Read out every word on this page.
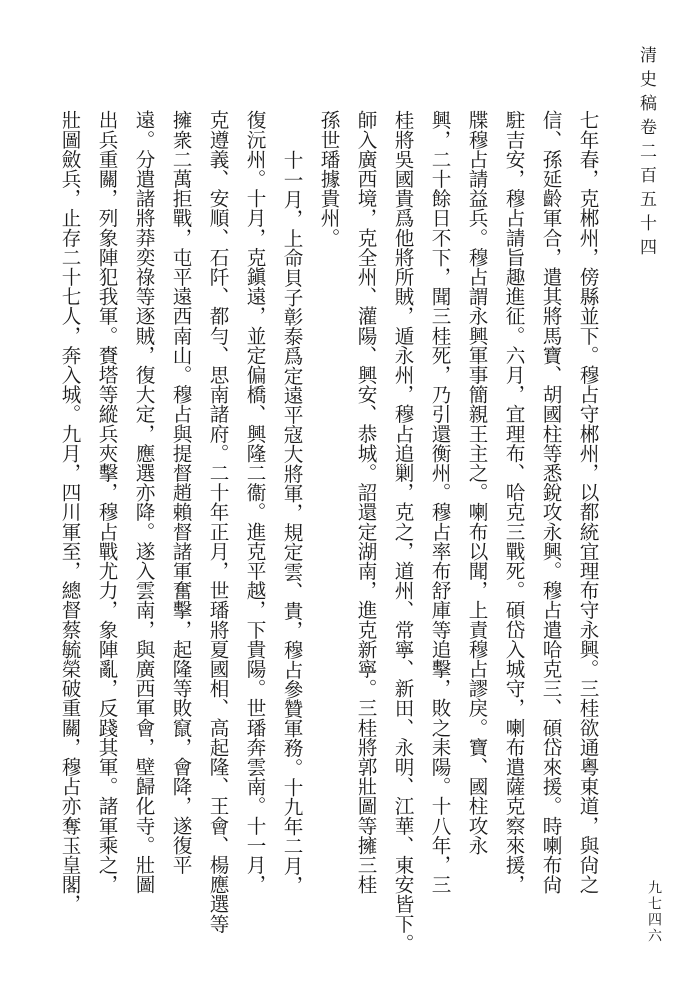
清史稿卷二百五十四
九七四六

七年春，克郴州，傍縣並下。穆占守郴州，以都統宜理布守永興。三桂欲通粵東道，與尙之

信、孫延齡軍合，遣其將馬寶、胡國柱等悉銳攻永興。穆占遣哈克三、碩岱來援。時喇布尙

駐吉安，穆占請旨趣進征。六月，宜理布、哈克三戰死。碩岱入城守，喇布遣薩克察來援，

牒穆占請益兵。穆占謂永興軍事簡親王主之。喇布以聞，上責穆占謬戾。寶、國柱攻永

興，二十餘日不下，聞三桂死，乃引還衡州。穆占率布舒庫等追擊，敗之耒陽。十八年，三

桂將吳國貴爲他將所賊，遁永州，穆占追剿，克之，道州、常寧、新田、永明、江華、東安皆下。

師入廣西境，克全州、灌陽、興安、恭城。詔還定湖南，進克新寧。三桂將郭壯圖等擁三桂

孫世璠據貴州。

十一月，上命貝子彰泰爲定遠平寇大將軍，規定雲、貴，穆占參贊軍務。十九年二月，

復沅州。十月，克鎭遠，並定偏橋、興隆二衞。進克平越，下貴陽。世璠奔雲南。十一月，

克遵義、安順、石阡、都勻、思南諸府。二十年正月，世璠將夏國相、高起隆、王會、楊應選等

擁衆二萬拒戰，屯平遠西南山。穆占與提督趙賴督諸軍奮擊，起隆等敗竄，會降，遂復平

遠。分遣諸將莽奕祿等逐賊，復大定，應選亦降。遂入雲南，與廣西軍會，壁歸化寺。壯圖

出兵重關，列象陣犯我軍。賚塔等縱兵夾擊，穆占戰尤力，象陣亂，反踐其軍。諸軍乘之，

壯圖斂兵，止存二十七人，奔入城。九月，四川軍至，總督蔡毓榮破重關，穆占亦奪玉皇閣，
